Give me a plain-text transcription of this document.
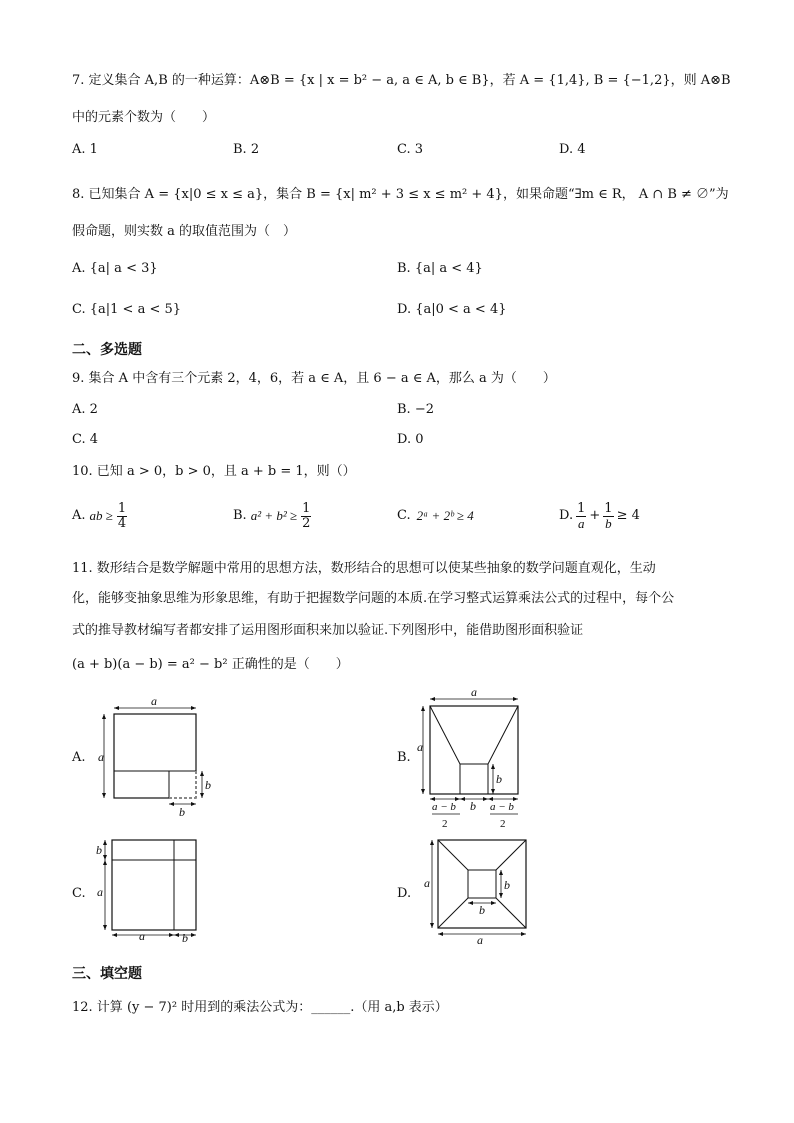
7. 定义集合 A,B 的一种运算：A⊗B = {x | x = b² − a, a ∈ A, b ∈ B}，若 A = {1,4}, B = {−1,2}，则 A⊗B
中的元素个数为（　　）
A. 1	B. 2	C. 3	D. 4
8. 已知集合 A = {x|0 ≤ x ≤ a}，集合 B = {x| m² + 3 ≤ x ≤ m² + 4}，如果命题“∃m ∈ R， A ∩ B ≠ ∅”为
假命题，则实数 a 的取值范围为（　）
A. {a| a < 3}	B. {a| a < 4}
C. {a|1 < a < 5}	D. {a|0 < a < 4}
二、多选题
9. 集合 A 中含有三个元素 2，4，6，若 a ∈ A，且 6 − a ∈ A，那么 a 为（　　）
A. 2	B. −2
C. 4	D. 0
10. 已知 a > 0，b > 0，且 a + b = 1，则（）
A. ab ≥ $\frac{1}{4}$	B. $a^2 + b^2 \ge \frac{1}{2}$	C. 2ᵃ + 2ᵇ ≥ 4	D. $\frac{1}{a} + \frac{1}{b} \ge 4$
11. 数形结合是数学解题中常用的思想方法，数形结合的思想可以使某些抽象的数学问题直观化，生动
化，能够变抽象思维为形象思维，有助于把握数学问题的本质.在学习整式运算乘法公式的过程中，每个公
式的推导教材编写者都安排了运用图形面积来加以验证.下列图形中，能借助图形面积验证
(a + b)(a − b) = a² − b² 正确性的是（　　）
A.	B.
C.	D.
a
a
b
b
a
a
b
a − b
2
b a − b
2
b
a
a	b
a	b
b
a
三、填空题
12. 计算 (y − 7)² 时用到的乘法公式为：______.（用 a,b 表示）
